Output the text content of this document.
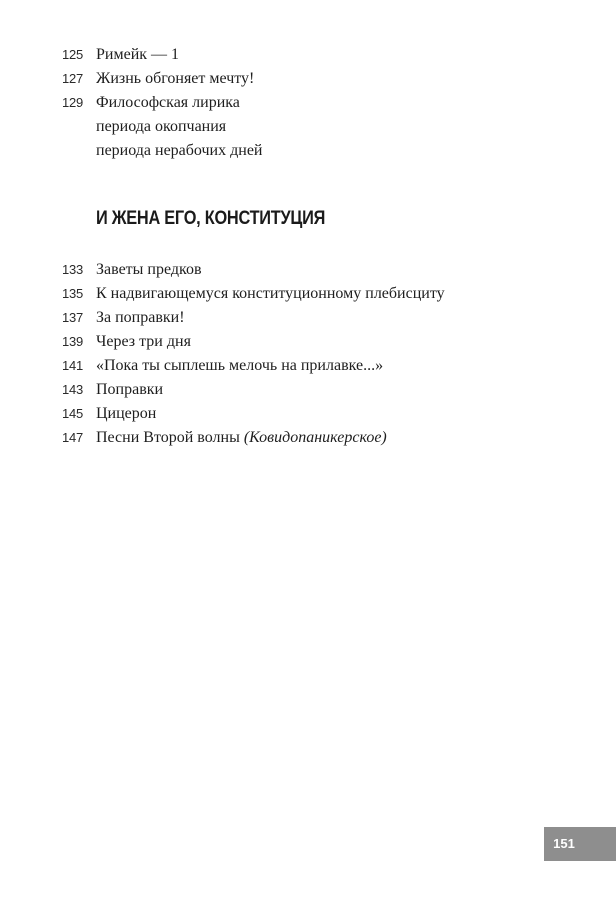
125 Римейк — 1
127 Жизнь обгоняет мечту!
129 Философская лирика
периода окопчания
периода нерабочих дней
И ЖЕНА ЕГО, КОНСТИТУЦИЯ
133 Заветы предков
135 К надвигающемуся конституционному плебисциту
137 За поправки!
139 Через три дня
141 «Пока ты сыплешь мелочь на прилавке...»
143 Поправки
145 Цицерон
147 Песни Второй волны (Ковидопаникерское)
151
